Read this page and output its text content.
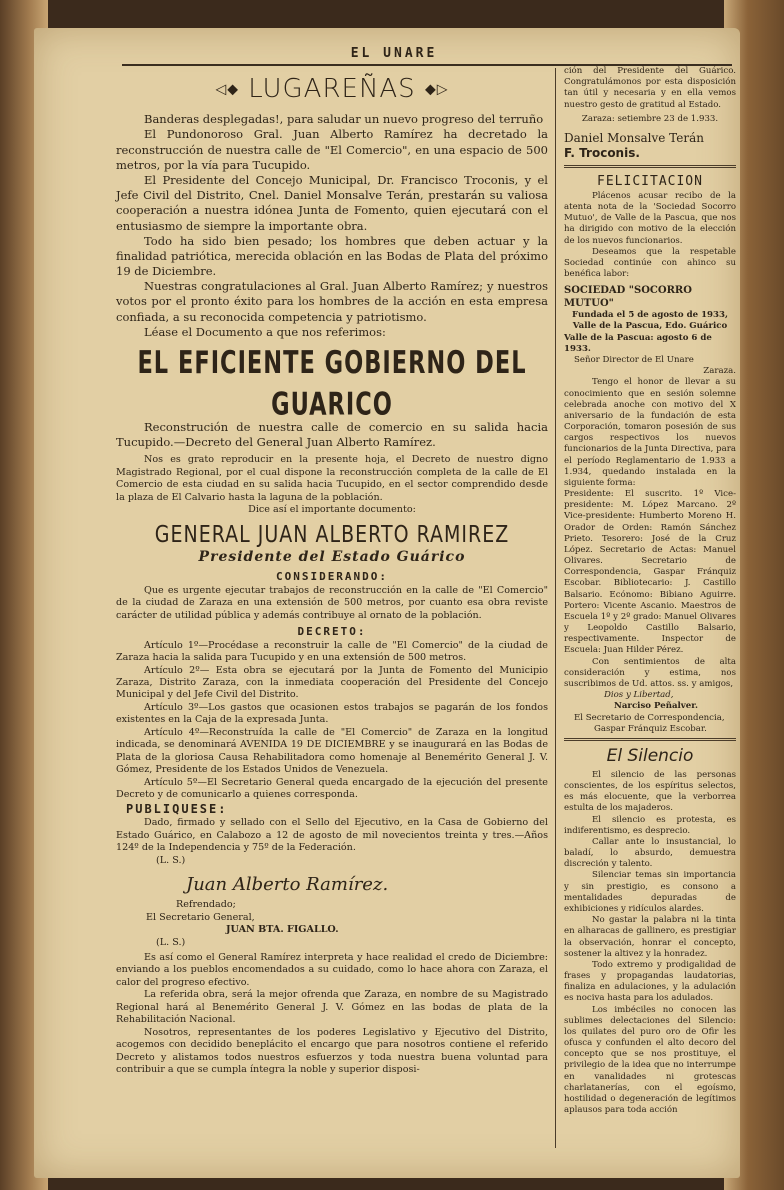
EL UNARE
◁◆ LUGAREÑAS ◆▷

Banderas desplegadas!, para saludar un nuevo progreso del terruño

El Pundonoroso Gral. Juan Alberto Ramírez ha decretado la reconstrucción de nuestra calle de "El Comercio", en una espacio de 500 metros, por la vía para Tucupido.

El Presidente del Concejo Municipal, Dr. Francisco Troconis, y el Jefe Civil del Distrito, Cnel. Daniel Monsalve Terán, prestarán su valiosa cooperación a nuestra idónea Junta de Fomento, quien ejecutará con el entusiasmo de siempre la importante obra.

Todo ha sido bien pesado; los hombres que deben actuar y la finalidad patriótica, merecida oblación en las Bodas de Plata del próximo 19 de Diciembre.

Nuestras congratulaciones al Gral. Juan Alberto Ramírez; y nuestros votos por el pronto éxito para los hombres de la acción en esta empresa confiada, a su reconocida competencia y patriotismo.

Léase el Documento a que nos referimos:

EL EFICIENTE GOBIERNO DEL GUARICO

Reconstrución de nuestra calle de comercio en su salida hacia Tucupido.—Decreto del General Juan Alberto Ramírez.

Nos es grato reproducir en la presente hoja, el Decreto de nuestro digno Magistrado Regional, por el cual dispone la reconstrucción completa de la calle de El Comercio de esta ciudad en su salida hacia Tucupido, en el sector comprendido desde la plaza de El Calvario hasta la laguna de la población.

Dice así el importante documento:

GENERAL JUAN ALBERTO RAMIREZ
Presidente del Estado Guárico
CONSIDERANDO:

Que es urgente ejecutar trabajos de reconstrucción en la calle de "El Comercio" de la ciudad de Zaraza en una extensión de 500 metros, por cuanto esa obra reviste carácter de utilidad pública y además contribuye al ornato de la población.

DECRETO:

Artículo 1º—Procédase a reconstruir la calle de "El Comercio" de la ciudad de Zaraza hacia la salida para Tucupido y en una extensión de 500 metros.

Artículo 2º— Esta obra se ejecutará por la Junta de Fomento del Municipio Zaraza, Distrito Zaraza, con la inmediata cooperación del Presidente del Concejo Municipal y del Jefe Civil del Distrito.

Artículo 3º—Los gastos que ocasionen estos trabajos se pagarán de los fondos existentes en la Caja de la expresada Junta.

Artículo 4º—Reconstruída la calle de "El Comercio" de Zaraza en la longitud indicada, se denominará AVENIDA 19 DE DICIEMBRE y se inaugurará en las Bodas de Plata de la gloriosa Causa Rehabilitadora como homenaje al Benemérito General J. V. Gómez, Presidente de los Estados Unidos de Venezuela.

Artículo 5º—El Secretario General queda encargado de la ejecución del presente Decreto y de comunicarlo a quienes corresponda.

PUBLIQUESE:

Dado, firmado y sellado con el Sello del Ejecutivo, en la Casa de Gobierno del Estado Guárico, en Calabozo a 12 de agosto de mil novecientos treinta y tres.—Años 124º de la Independencia y 75º de la Federación.

(L. S.)

Juan Alberto Ramírez.

Refrendado;

El Secretario General,

JUAN BTA. FIGALLO.

(L. S.)

Es así como el General Ramírez interpreta y hace realidad el credo de Diciembre: enviando a los pueblos encomendados a su cuidado, como lo hace ahora con Zaraza, el calor del progreso efectivo.

La referida obra, será la mejor ofrenda que Zaraza, en nombre de su Magistrado Regional hará al Benemérito General J. V. Gómez en las bodas de plata de la Rehabilitación Nacional.

Nosotros, representantes de los poderes Legislativo y Ejecutivo del Distrito, acogemos con decidido beneplácito el encargo que para nosotros contiene el referido Decreto y alistamos todos nuestros esfuerzos y toda nuestra buena voluntad para contribuir a que se cumpla íntegra la noble y superior disposi-

ción del Presidente del Guárico. Congratulámonos por esta disposición tan útil y necesaria y en ella vemos nuestro gesto de gratitud al Estado.

Zaraza: setiembre 23 de 1.933.

Daniel Monsalve Terán

F. Troconis.

FELICITACION

Plácenos acusar recibo de la atenta nota de la 'Sociedad Socorro Mutuo', de Valle de la Pascua, que nos ha dirigido con motivo de la elección de los nuevos funcionarios.

Deseamos que la respetable Sociedad continúe con ahinco su benéfica labor:

SOCIEDAD "SOCORRO MUTUO"

Fundada el 5 de agosto de 1933, Valle de la Pascua, Edo. Guárico

Valle de la Pascua: agosto 6 de 1933.

Señor Director de El Unare

Zaraza.

Tengo el honor de llevar a su conocimiento que en sesión solemne celebrada anoche con motivo del X aniversario de la fundación de esta Corporación, tomaron posesión de sus cargos respectivos los nuevos funcionarios de la Junta Directiva, para el período Reglamentario de 1.933 a 1.934, quedando instalada en la siguiente forma:

Presidente: El suscrito. 1º Vice-presidente: M. López Marcano. 2º Vice-presidente: Humberto Moreno H. Orador de Orden: Ramón Sánchez Prieto. Tesorero: José de la Cruz López. Secretario de Actas: Manuel Olivares. Secretario de Correspondencia, Gaspar Fránquiz Escobar. Bibliotecario: J. Castillo Balsario. Ecónomo: Bibiano Aguirre. Portero: Vicente Ascanio. Maestros de Escuela 1º y 2º grado: Manuel Olivares y Leopoldo Castillo Balsario, respectivamente. Inspector de Escuela: Juan Hilder Pérez.

Con sentimientos de alta consideración y estima, nos suscribimos de Ud. attos. ss. y amigos,

Dios y Libertad,

Narciso Peñalver.

El Secretario de Correspondencia,

Gaspar Fránquiz Escobar.

El Silencio

El silencio de las personas conscientes, de los espíritus selectos, es más elocuente, que la verborrea estulta de los majaderos.

El silencio es protesta, es indiferentismo, es desprecio.

Callar ante lo insustancial, lo baladí, lo absurdo, demuestra discreción y talento.

Silenciar temas sin importancia y sin prestigio, es consono a mentalidades depuradas de exhibiciones y ridículos alardes.

No gastar la palabra ni la tinta en alharacas de gallinero, es prestigiar la observación, honrar el concepto, sostener la altivez y la honradez.

Todo extremo y prodigalidad de frases y propagandas laudatorias, finaliza en adulaciones, y la adulación es nociva hasta para los adulados.

Los imbéciles no conocen las sublimes delectaciones del Silencio: los quilates del puro oro de Ofir les ofusca y confunden el alto decoro del concepto que se nos prostituye, el privilegio de la idea que no interrumpe en vanalidades ni grotescas charlatanerías, con el egoísmo, hostilidad o degeneración de legítimos aplausos para toda acción
